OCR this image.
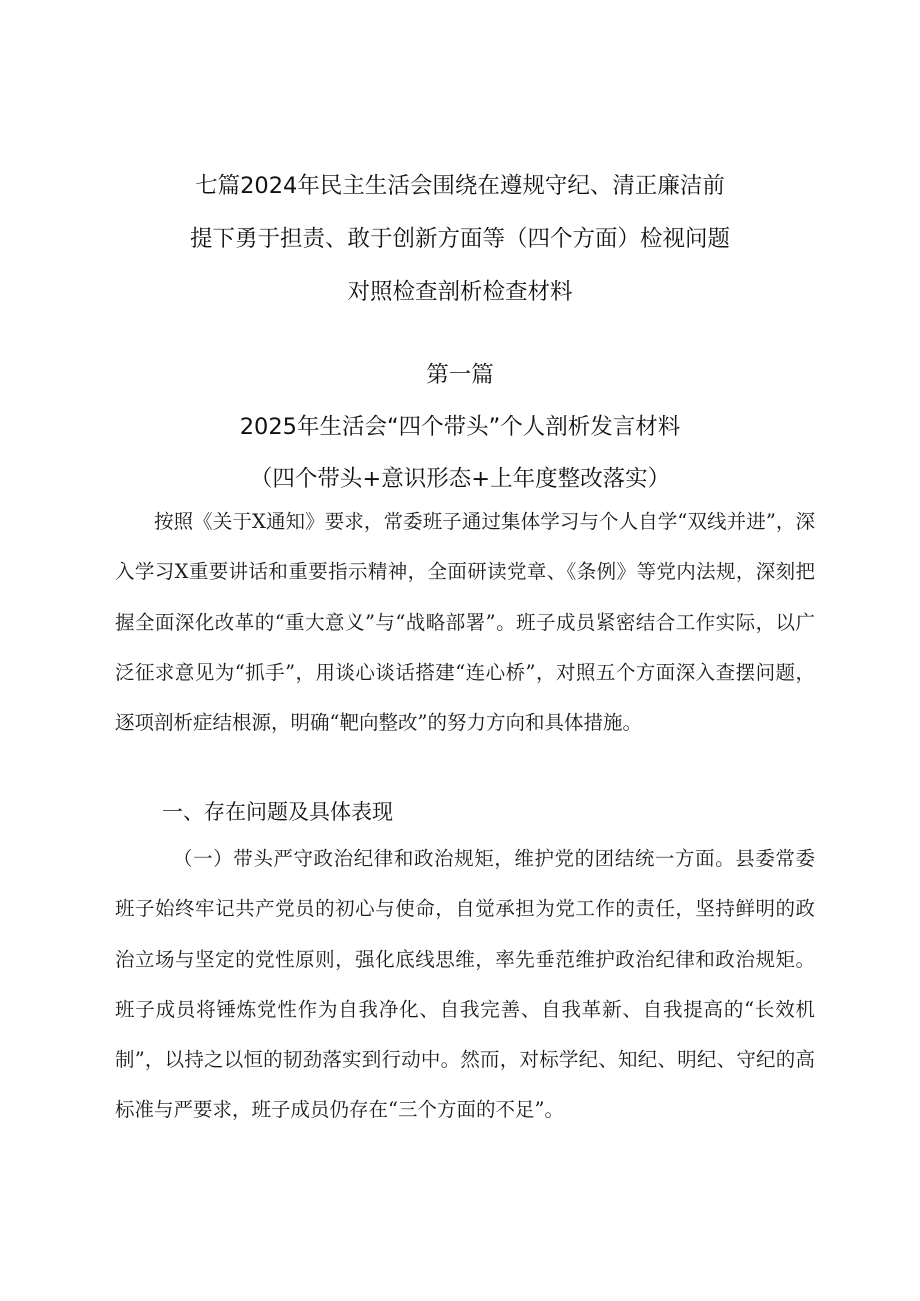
七篇2024年民主生活会围绕在遵规守纪、清正廉洁前
提下勇于担责、敢于创新方面等（四个方面）检视问题
对照检查剖析检查材料
第一篇
2025年生活会“四个带头”个人剖析发言材料
（四个带头+意识形态+上年度整改落实）
按照《关于X通知》要求，常委班子通过集体学习与个人自学“双线并进”，深入学习X重要讲话和重要指示精神，全面研读党章、《条例》等党内法规，深刻把握全面深化改革的“重大意义”与“战略部署”。班子成员紧密结合工作实际，以广泛征求意见为“抓手”，用谈心谈话搭建“连心桥”，对照五个方面深入查摆问题，逐项剖析症结根源，明确“靶向整改”的努力方向和具体措施。
一、存在问题及具体表现
（一）带头严守政治纪律和政治规矩，维护党的团结统一方面。县委常委班子始终牢记共产党员的初心与使命，自觉承担为党工作的责任，坚持鲜明的政治立场与坚定的党性原则，强化底线思维，率先垂范维护政治纪律和政治规矩。班子成员将锤炼党性作为自我净化、自我完善、自我革新、自我提高的“长效机制”，以持之以恒的韧劲落实到行动中。然而，对标学纪、知纪、明纪、守纪的高标准与严要求，班子成员仍存在“三个方面的不足”。
